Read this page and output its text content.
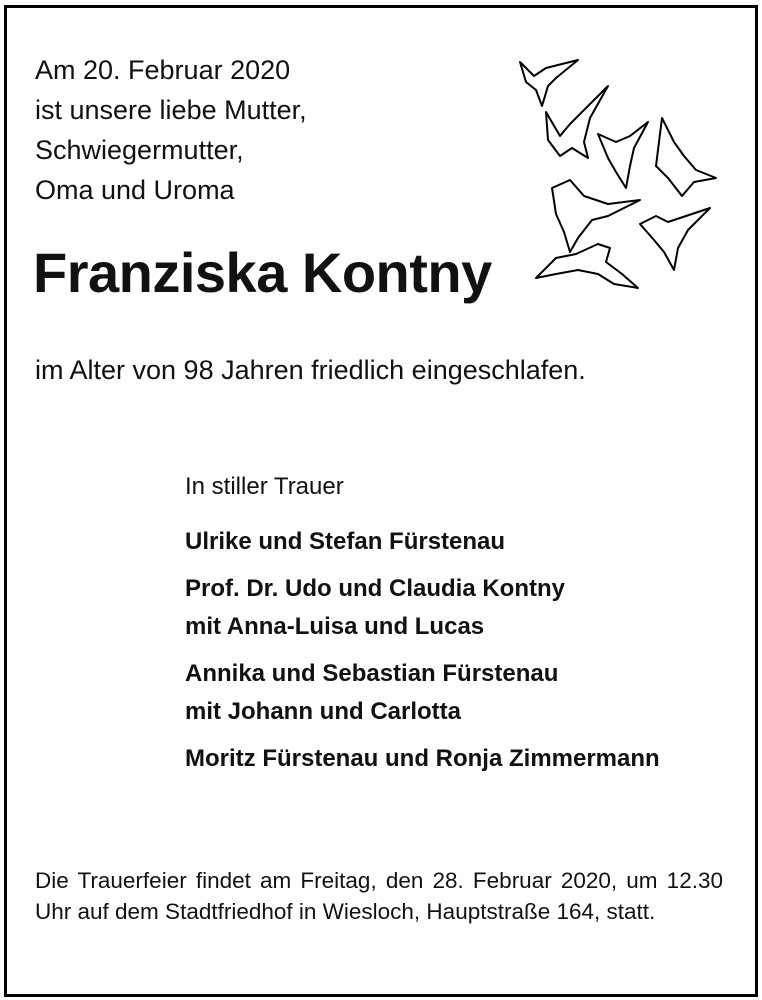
Am 20. Februar 2020
ist unsere liebe Mutter,
Schwiegermutter,
Oma und Uroma
Franziska Kontny
im Alter von 98 Jahren friedlich eingeschlafen.
In stiller Trauer
Ulrike und Stefan Fürstenau
Prof. Dr. Udo und Claudia Kontny
mit Anna-Luisa und Lucas
Annika und Sebastian Fürstenau
mit Johann und Carlotta
Moritz Fürstenau und Ronja Zimmermann
Die Trauerfeier findet am Freitag, den 28. Februar 2020, um 12.30 Uhr auf dem Stadtfriedhof in Wiesloch, Hauptstraße 164, statt.
